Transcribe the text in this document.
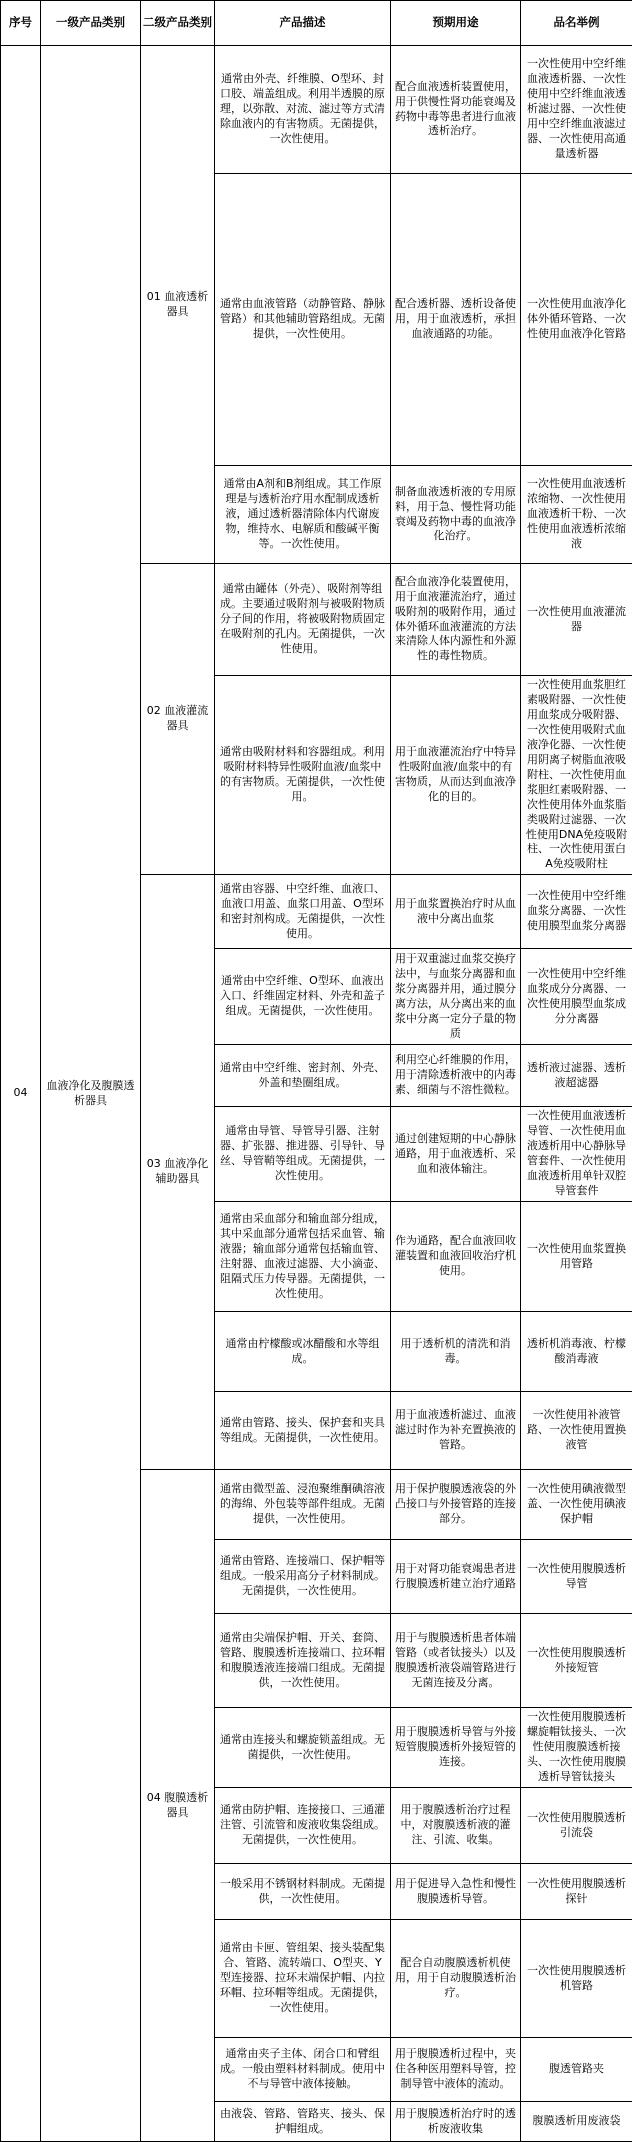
序号	一级产品类别	二级产品类别	产品描述	预期用途	品名举例
04	血液净化及腹膜透析器具	01 血液透析器具	通常由外壳、纤维膜、O型环、封口胶、端盖组成。利用半透膜的原理，以弥散、对流、滤过等方式清除血液内的有害物质。无菌提供，一次性使用。	配合血液透析装置使用，用于供慢性肾功能衰竭及药物中毒等患者进行血液透析治疗。	一次性使用中空纤维血液透析器、一次性使用中空纤维血液透析滤过器、一次性使用中空纤维血液滤过器、一次性使用高通量透析器
			通常由血液管路（动静管路、静脉管路）和其他辅助管路组成。无菌提供，一次性使用。	配合透析器、透析设备使用，用于血液透析，承担血液通路的功能。	一次性使用血液净化体外循环管路、一次性使用血液净化管路
			通常由A剂和B剂组成。其工作原理是与透析治疗用水配制成透析液，通过透析器清除体内代谢废物，维持水、电解质和酸碱平衡等。一次性使用。	制备血液透析液的专用原料，用于急、慢性肾功能衰竭及药物中毒的血液净化治疗。	一次性使用血液透析浓缩物、一次性使用血液透析干粉、一次性使用血液透析浓缩液
		02 血液灌流器具	通常由罐体（外壳）、吸附剂等组成。主要通过吸附剂与被吸附物质分子间的作用，将被吸附物质固定在吸附剂的孔内。无菌提供，一次性使用。	配合血液净化装置使用，用于血液灌流治疗，通过吸附剂的吸附作用，通过体外循环血液灌流的方法来清除人体内源性和外源性的毒性物质。	一次性使用血液灌流器
			通常由吸附材料和容器组成。利用吸附材料特异性吸附血液/血浆中的有害物质。无菌提供，一次性使用。	用于血液灌流治疗中特异性吸附血液/血浆中的有害物质，从而达到血液净化的目的。	一次性使用血浆胆红素吸附器、一次性使用血浆成分吸附器、一次性使用吸附式血液净化器、一次性使用阴离子树脂血液吸附柱、一次性使用血浆胆红素吸附器、一次性使用体外血浆脂类吸附过滤器、一次性使用DNA免疫吸附柱、一次性使用蛋白A免疫吸附柱
		03 血液净化辅助器具	通常由容器、中空纤维、血液口、血液口用盖、血浆口用盖、O型环和密封剂构成。无菌提供，一次性使用。	用于血浆置换治疗时从血液中分离出血浆	一次性使用中空纤维血浆分离器、一次性使用膜型血浆分离器
			通常由中空纤维、O型环、血液出入口、纤维固定材料、外壳和盖子组成。无菌提供，一次性使用。	用于双重滤过血浆交换疗法中，与血浆分离器和血浆分离器并用，通过膜分离方法，从分离出来的血浆中分离一定分子量的物质	一次性使用中空纤维血浆成分分离器、一次性使用膜型血浆成分分离器
			通常由中空纤维、密封剂、外壳、外盖和垫圈组成。	利用空心纤维膜的作用，用于清除透析液中的内毒素、细菌与不溶性微粒。	透析液过滤器、透析液超滤器
			通常由导管、导管导引器、注射器、扩张器、推进器、引导针、导丝、导管鞘等组成。无菌提供，一次性使用。	通过创建短期的中心静脉通路，用于血液透析、采血和液体输注。	一次性使用血液透析导管、一次性使用血液透析用中心静脉导管套件、一次性使用血液透析用单针双腔导管套件
			通常由采血部分和输血部分组成，其中采血部分通常包括采血管、输液器；输血部分通常包括输血管、注射器、血液过滤器、大小滴壶、阻隔式压力传导器。无菌提供，一次性使用。	作为通路，配合血液回收灌装置和血液回收治疗机使用。	一次性使用血浆置换用管路
			通常由柠檬酸或冰醋酸和水等组成。	用于透析机的清洗和消毒。	透析机消毒液、柠檬酸消毒液
			通常由管路、接头、保护套和夹具等组成。无菌提供，一次性使用。	用于血液透析滤过、血液滤过时作为补充置换液的管路。	一次性使用补液管路、一次性使用置换液管
		04 腹膜透析器具	通常由微型盖、浸泡聚维酮碘溶液的海绵、外包装等部件组成。无菌提供，一次性使用。	用于保护腹膜透液袋的外凸接口与外接管路的连接部分。	一次性使用碘液微型盖、一次性使用碘液保护帽
			通常由管路、连接端口、保护帽等组成。一般采用高分子材料制成。无菌提供，一次性使用。	用于对肾功能衰竭患者进行腹膜透析建立治疗通路	一次性使用腹膜透析导管
			通常由尖端保护帽、开关、套筒、管路、腹膜透析连接端口、拉环帽和腹膜透液连接端口组成。无菌提供，一次性使用。	用于与腹膜透析患者体端管路（或者钛接头）以及腹膜透析液袋端管路进行无菌连接及分离。	一次性使用腹膜透析外接短管
			通常由连接头和螺旋锁盖组成。无菌提供，一次性使用。	用于腹膜透析导管与外接短管腹膜透析外接短管的连接。	一次性使用腹膜透析螺旋帽钛接头、一次性使用腹膜透析接头、一次性使用腹膜透析导管钛接头
			通常由防护帽、连接接口、三通灌注管、引流管和废液收集袋组成。无菌提供，一次性使用。	用于腹膜透析治疗过程中，对腹膜透析液的灌注、引流、收集。	一次性使用腹膜透析引流袋
			一般采用不锈钢材料制成。无菌提供，一次性使用。	用于促进导入急性和慢性腹膜透析导管。	一次性使用腹膜透析探针
			通常由卡匣、管组架、接头装配集合、管路、流转端口、O型夹、Y型连接器、拉环末端保护帽、内拉环帽、拉环帽等组成。无菌提供，一次性使用。	配合自动腹膜透析机使用，用于自动腹膜透析治疗。	一次性使用腹膜透析机管路
			通常由夹子主体、闭合口和臂组成。一般由塑料材料制成。使用中不与导管中液体接触。	用于腹膜透析过程中，夹住各种医用塑料导管，控制导管中液体的流动。	腹透管路夹
			由液袋、管路、管路夹、接头、保护帽组成。	用于腹膜透析治疗时的透析废液收集	腹膜透析用废液袋
